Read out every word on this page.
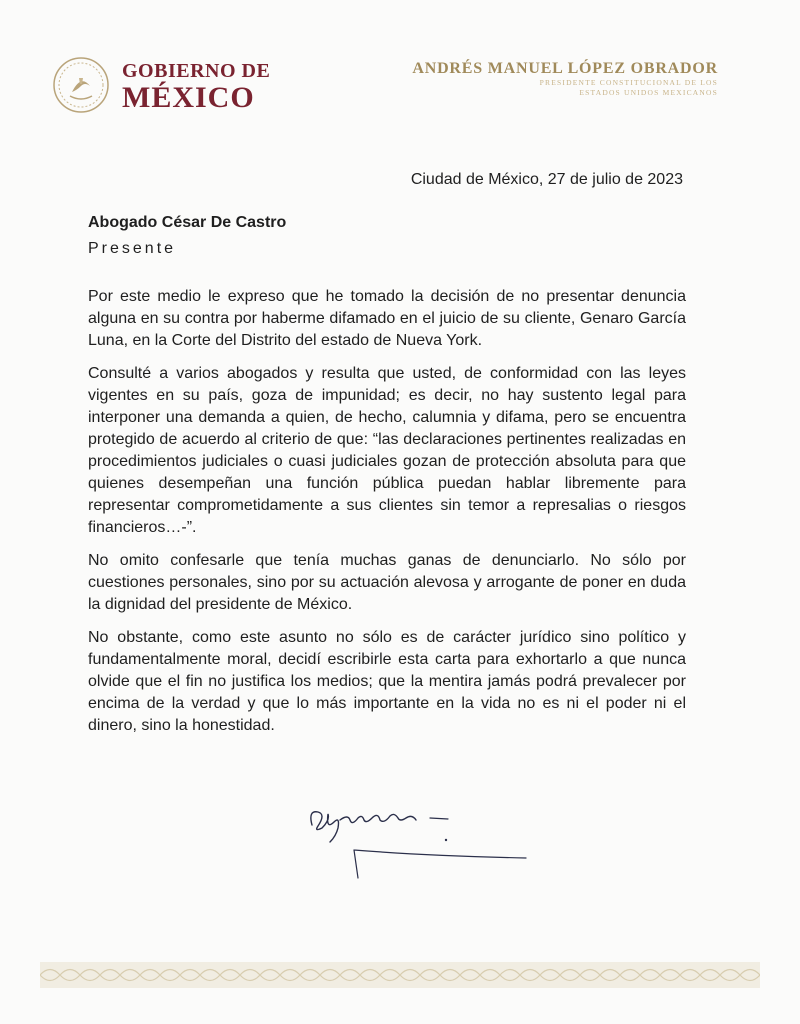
GOBIERNO DE
MÉXICO
ANDRÉS MANUEL LÓPEZ OBRADOR
PRESIDENTE CONSTITUCIONAL DE LOS
ESTADOS UNIDOS MEXICANOS
Ciudad de México, 27 de julio de 2023
Abogado César De Castro
Presente

Por este medio le expreso que he tomado la decisión de no presentar denuncia alguna en su contra por haberme difamado en el juicio de su cliente, Genaro García Luna, en la Corte del Distrito del estado de Nueva York.

Consulté a varios abogados y resulta que usted, de conformidad con las leyes vigentes en su país, goza de impunidad; es decir, no hay sustento legal para interponer una demanda a quien, de hecho, calumnia y difama, pero se encuentra protegido de acuerdo al criterio de que: “las declaraciones pertinentes realizadas en procedimientos judiciales o cuasi judiciales gozan de protección absoluta para que quienes desempeñan una función pública puedan hablar libremente para representar comprometidamente a sus clientes sin temor a represalias o riesgos financieros…-”.

No omito confesarle que tenía muchas ganas de denunciarlo. No sólo por cuestiones personales, sino por su actuación alevosa y arrogante de poner en duda la dignidad del presidente de México.

No obstante, como este asunto no sólo es de carácter jurídico sino político y fundamentalmente moral, decidí escribirle esta carta para exhortarlo a que nunca olvide que el fin no justifica los medios; que la mentira jamás podrá prevalecer por encima de la verdad y que lo más importante en la vida no es ni el poder ni el dinero, sino la honestidad.
